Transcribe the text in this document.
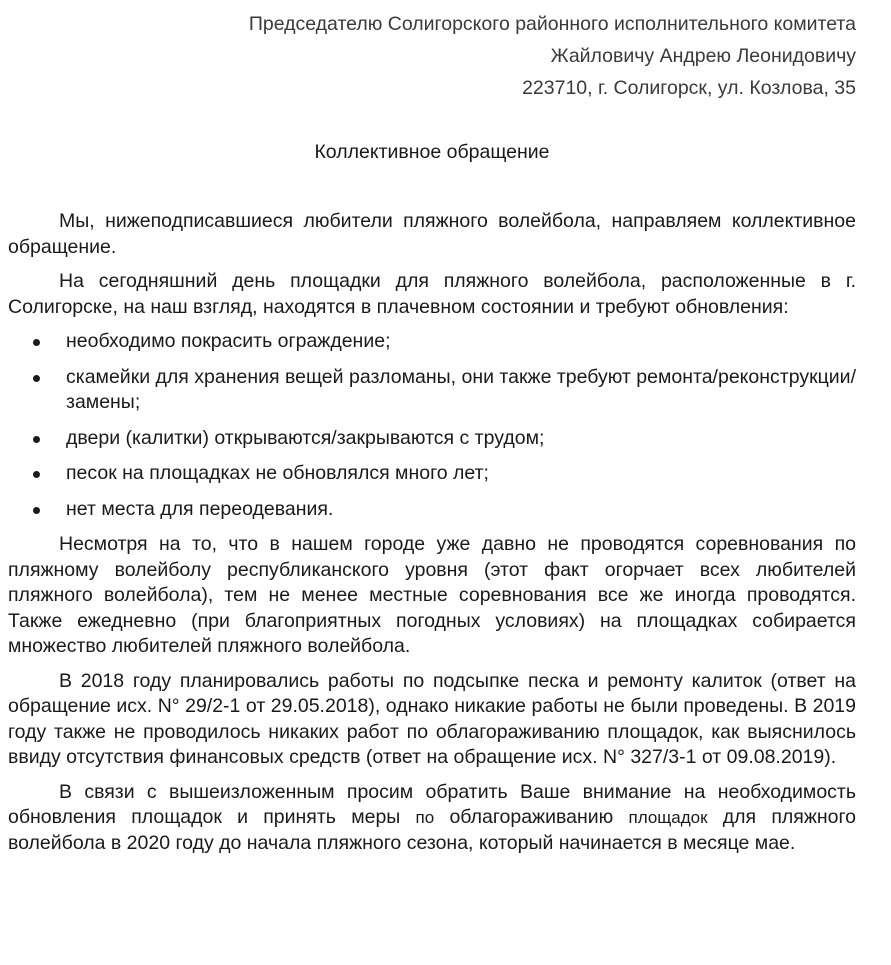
Председателю Солигорского районного исполнительного комитета
Жайловичу Андрею Леонидовичу
223710, г. Солигорск, ул. Козлова, 35
Коллективное обращение

Мы, нижеподписавшиеся любители пляжного волейбола, направляем коллективное обращение.

На сегодняшний день площадки для пляжного волейбола, расположенные в г. Солигорске, на наш взгляд, находятся в плачевном состоянии и требуют обновления:

необходимо покрасить ограждение;
скамейки для хранения вещей разломаны, они также требуют ремонта/реконструкции/замены;
двери (калитки) открываются/закрываются с трудом;
песок на площадках не обновлялся много лет;
нет места для переодевания.

Несмотря на то, что в нашем городе уже давно не проводятся соревнования по пляжному волейболу республиканского уровня (этот факт огорчает всех любителей пляжного волейбола), тем не менее местные соревнования все же иногда проводятся. Также ежедневно (при благоприятных погодных условиях) на площадках собирается множество любителей пляжного волейбола.

В 2018 году планировались работы по подсыпке песка и ремонту калиток (ответ на обращение исх. N° 29/2-1 от 29.05.2018), однако никакие работы не были проведены. В 2019 году также не проводилось никаких работ по облагораживанию площадок, как выяснилось ввиду отсутствия финансовых средств (ответ на обращение исх. N° 327/3-1 от 09.08.2019).

В связи с вышеизложенным просим обратить Ваше внимание на необходимость обновления площадок и принять меры по облагораживанию площадок для пляжного волейбола в 2020 году до начала пляжного сезона, который начинается в месяце мае.
